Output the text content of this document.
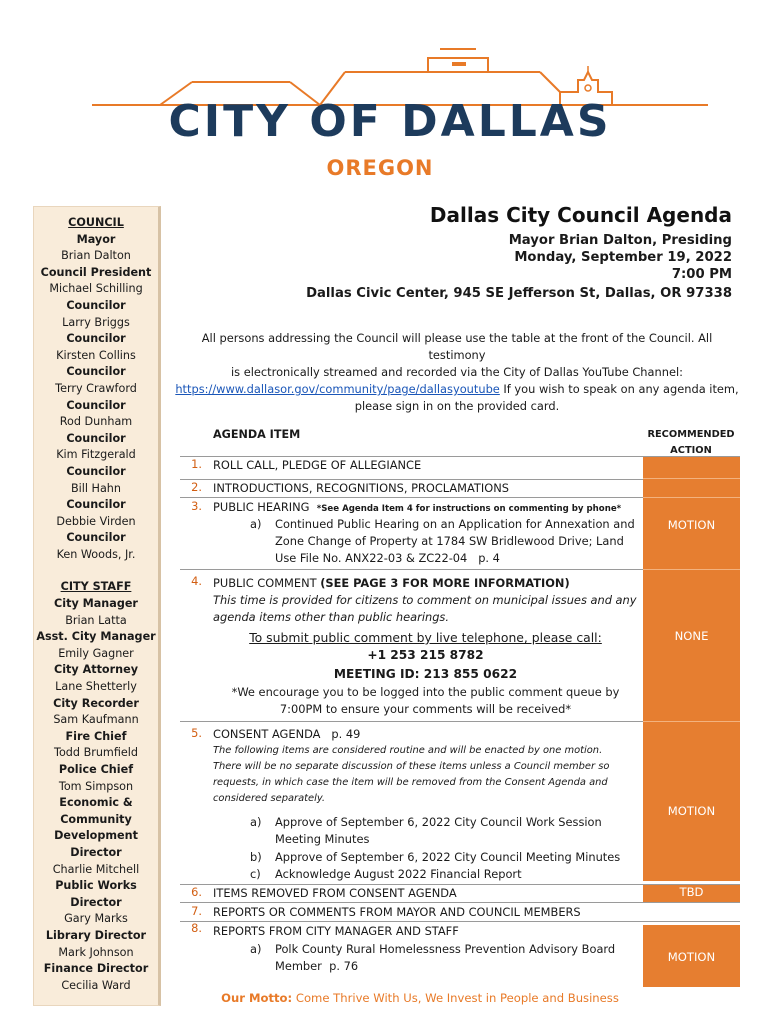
CITY OF DALLAS
OREGON
COUNCIL
Mayor
Brian Dalton
Council President
Michael Schilling
Councilor
Larry Briggs
Councilor
Kirsten Collins
Councilor
Terry Crawford
Councilor
Rod Dunham
Councilor
Kim Fitzgerald
Councilor
Bill Hahn
Councilor
Debbie Virden
Councilor
Ken Woods, Jr.
CITY STAFF
City Manager
Brian Latta
Asst. City Manager
Emily Gagner
City Attorney
Lane Shetterly
City Recorder
Sam Kaufmann
Fire Chief
Todd Brumfield
Police Chief
Tom Simpson
Economic & Community Development Director
Charlie Mitchell
Public Works Director
Gary Marks
Library Director
Mark Johnson
Finance Director
Cecilia Ward
Dallas City Council Agenda
Mayor Brian Dalton, Presiding
Monday, September 19, 2022
7:00 PM
Dallas Civic Center, 945 SE Jefferson St, Dallas, OR 97338
All persons addressing the Council will please use the table at the front of the Council. All testimony
is electronically streamed and recorded via the City of Dallas YouTube Channel:
https://www.dallasor.gov/community/page/dallasyoutube If you wish to speak on any agenda item,
please sign in on the provided card.
AGENDA ITEM	RECOMMENDED
ACTION
1. ROLL CALL, PLEDGE OF ALLEGIANCE
2. INTRODUCTIONS, RECOGNITIONS, PROCLAMATIONS
3. PUBLIC HEARING *See Agenda Item 4 for instructions on commenting by phone*
a) Continued Public Hearing on an Application for Annexation and
Zone Change of Property at 1784 SW Bridlewood Drive; Land
Use File No. ANX22-03 & ZC22-04 p. 4
MOTION
4. PUBLIC COMMENT (SEE PAGE 3 FOR MORE INFORMATION)
This time is provided for citizens to comment on municipal issues and any
agenda items other than public hearings.
To submit public comment by live telephone, please call:
+1 253 215 8782
MEETING ID: 213 855 0622
*We encourage you to be logged into the public comment queue by
7:00PM to ensure your comments will be received*
NONE
5. CONSENT AGENDA p. 49
The following items are considered routine and will be enacted by one motion.
There will be no separate discussion of these items unless a Council member so
requests, in which case the item will be removed from the Consent Agenda and
considered separately.
a) Approve of September 6, 2022 City Council Work Session
Meeting Minutes
b) Approve of September 6, 2022 City Council Meeting Minutes
c) Acknowledge August 2022 Financial Report
MOTION
6. ITEMS REMOVED FROM CONSENT AGENDA	TBD
7. REPORTS OR COMMENTS FROM MAYOR AND COUNCIL MEMBERS
8. REPORTS FROM CITY MANAGER AND STAFF
a) Polk County Rural Homelessness Prevention Advisory Board
Member p. 76
MOTION
Our Motto: Come Thrive With Us, We Invest in People and Business
